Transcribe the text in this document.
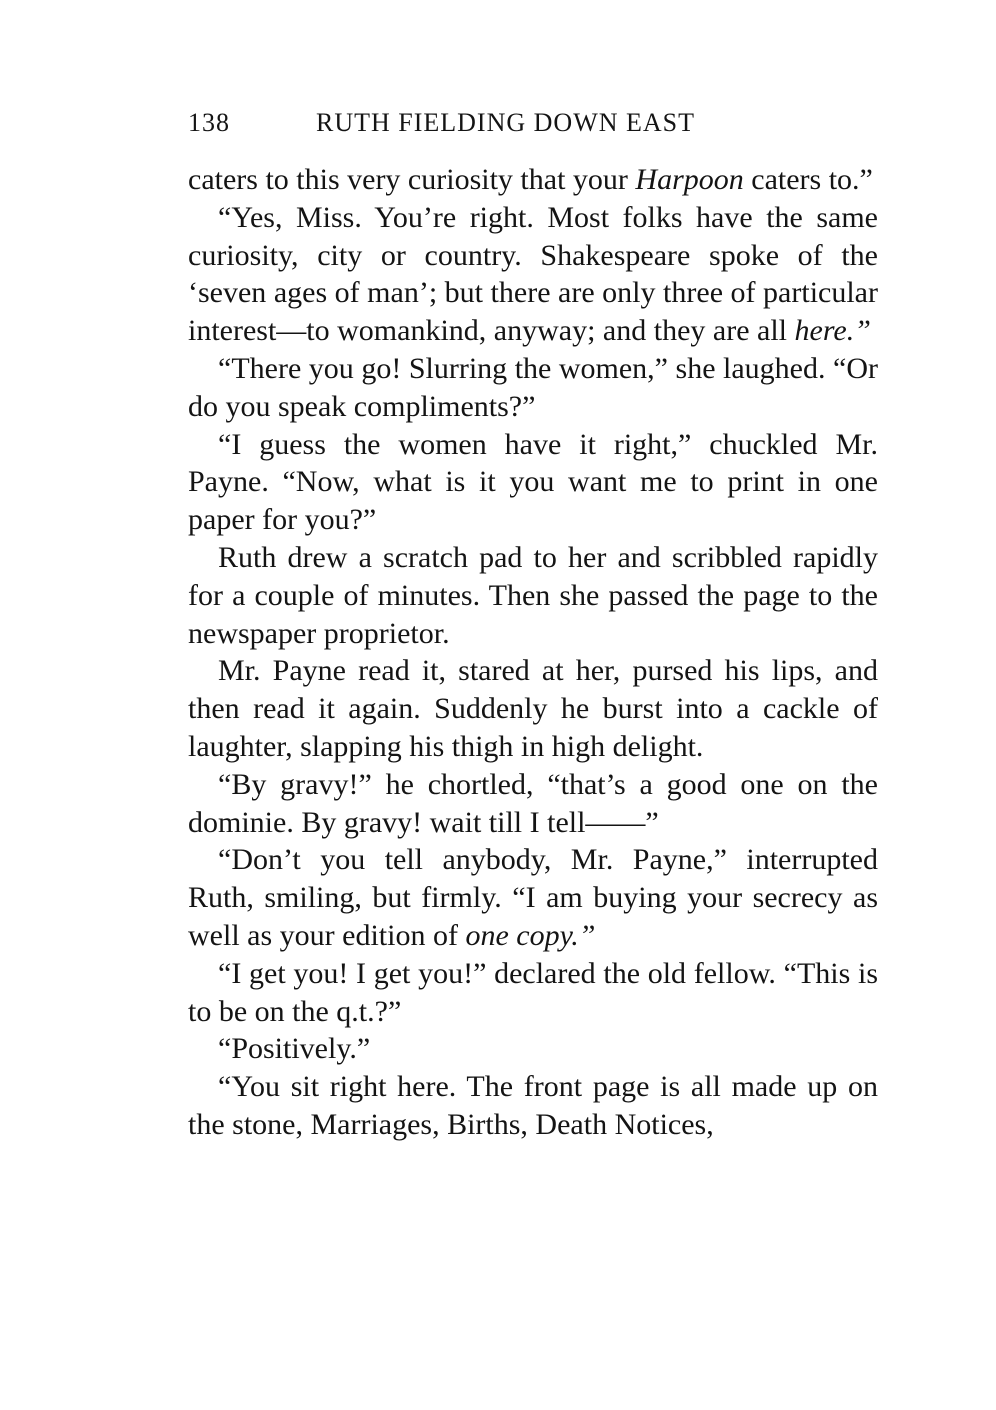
138	RUTH FIELDING DOWN EAST

caters to this very curiosity that your Harpoon caters to.”

“Yes, Miss. You’re right. Most folks have the same curiosity, city or country. Shakespeare spoke of the ‘seven ages of man’; but there are only three of particular interest—to womankind, anyway; and they are all here.”

“There you go! Slurring the women,” she laughed. “Or do you speak compliments?”

“I guess the women have it right,” chuckled Mr. Payne. “Now, what is it you want me to print in one paper for you?”

Ruth drew a scratch pad to her and scribbled rapidly for a couple of minutes. Then she passed the page to the newspaper proprietor.

Mr. Payne read it, stared at her, pursed his lips, and then read it again. Suddenly he burst into a cackle of laughter, slapping his thigh in high delight.

“By gravy!” he chortled, “that’s a good one on the dominie. By gravy! wait till I tell——”

“Don’t you tell anybody, Mr. Payne,” interrupted Ruth, smiling, but firmly. “I am buying your secrecy as well as your edition of one copy.”

“I get you! I get you!” declared the old fellow. “This is to be on the q.t.?”

“Positively.”

“You sit right here. The front page is all made up on the stone, Marriages, Births, Death Notices,
